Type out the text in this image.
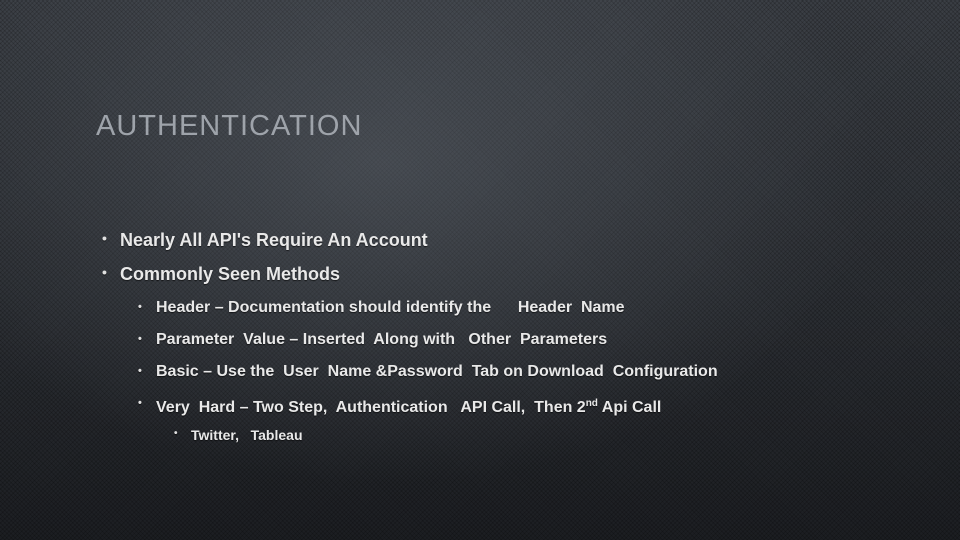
AUTHENTICATION
• Nearly All API's Require An Account
• Commonly Seen Methods
• Header – Documentation should identify the      Header  Name
• Parameter  Value – Inserted  Along with   Other  Parameters
• Basic – Use the  User  Name &Password  Tab on Download  Configuration
• Very  Hard – Two Step,  Authentication   API Call,  Then 2nd Api Call
• Twitter,   Tableau
